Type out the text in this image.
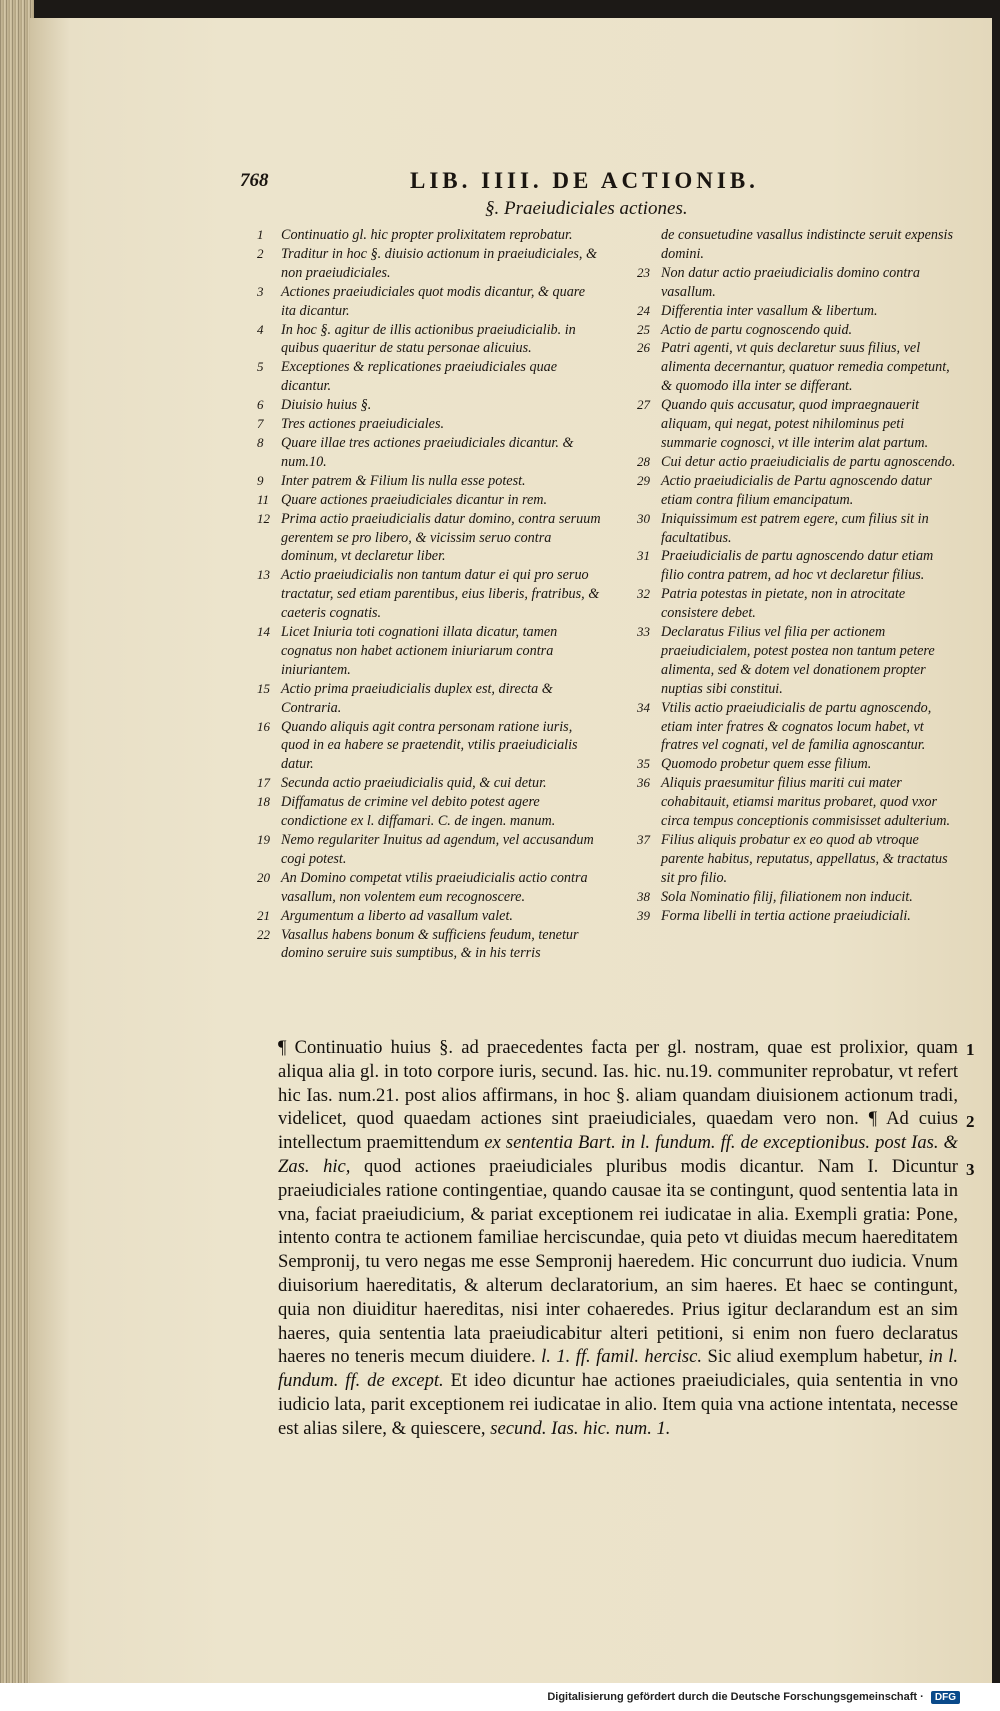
768	LIB. IIII. DE ACTIONIB.
§. Praeiudiciales actiones.
1	Continuatio gl. hic propter prolixitatem reprobatur.
2	Traditur in hoc §. diuisio actionum in praeiudiciales, & non praeiudiciales.
3	Actiones praeiudiciales quot modis dicantur, & quare ita dicantur.
4	In hoc §. agitur de illis actionibus praeiudicialib. in quibus quaeritur de statu personae alicuius.
5	Exceptiones & replicationes praeiudiciales quae dicantur.
6	Diuisio huius §.
7	Tres actiones praeiudiciales.
8	Quare illae tres actiones praeiudiciales dicantur. & num.10.
9	Inter patrem & Filium lis nulla esse potest.
11 Quare actiones praeiudiciales dicantur in rem.
12 Prima actio praeiudicialis datur domino, contra seruum gerentem se pro libero, & vicissim seruo contra dominum, vt declaretur liber.
13 Actio praeiudicialis non tantum datur ei qui pro seruo tractatur, sed etiam parentibus, eius liberis, fratribus, & caeteris cognatis.
14 Licet Iniuria toti cognationi illata dicatur, tamen cognatus non habet actionem iniuriarum contra iniuriantem.
15 Actio prima praeiudicialis duplex est, directa & Contraria.
16 Quando aliquis agit contra personam ratione iuris, quod in ea habere se praetendit, vtilis praeiudicialis datur.
17 Secunda actio praeiudicialis quid, & cui detur.
18 Diffamatus de crimine vel debito potest agere condictione ex l. diffamari. C. de ingen. manum.
19 Nemo regulariter Inuitus ad agendum, vel accusandum cogi potest.
20 An Domino competat vtilis praeiudicialis actio contra vasallum, non volentem eum recognoscere.
21 Argumentum a liberto ad vasallum valet.
22 Vasallus habens bonum & sufficiens feudum, tenetur domino seruire suis sumptibus, & in his terris
de consuetudine vasallus indistincte seruit expensis domini.
23 Non datur actio praeiudicialis domino contra vasallum.
24 Differentia inter vasallum & libertum.
25 Actio de partu cognoscendo quid.
26 Patri agenti, vt quis declaretur suus filius, vel alimenta decernantur, quatuor remedia competunt, & quomodo illa inter se differant.
27 Quando quis accusatur, quod impraegnauerit aliquam, qui negat, potest nihilominus peti summarie cognosci, vt ille interim alat partum.
28 Cui detur actio praeiudicialis de partu agnoscendo.
29 Actio praeiudicialis de Partu agnoscendo datur etiam contra filium emancipatum.
30 Iniquissimum est patrem egere, cum filius sit in facultatibus.
31 Praeiudicialis de partu agnoscendo datur etiam filio contra patrem, ad hoc vt declaretur filius.
32 Patria potestas in pietate, non in atrocitate consistere debet.
33 Declaratus Filius vel filia per actionem praeiudicialem, potest postea non tantum petere alimenta, sed & dotem vel donationem propter nuptias sibi constitui.
34 Vtilis actio praeiudicialis de partu agnoscendo, etiam inter fratres & cognatos locum habet, vt fratres vel cognati, vel de familia agnoscantur.
35 Quomodo probetur quem esse filium.
36 Aliquis praesumitur filius mariti cui mater cohabitauit, etiamsi maritus probaret, quod vxor circa tempus conceptionis commisisset adulterium.
37 Filius aliquis probatur ex eo quod ab vtroque parente habitus, reputatus, appellatus, & tractatus sit pro filio.
38 Sola Nominatio filij, filiationem non inducit.
39 Forma libelli in tertia actione praeiudiciali.
¶ Continuatio huius §. ad praecedentes facta per gl. nostram, quae est prolixior, quam aliqua alia gl. in toto corpore iuris, secund. Ias. hic. nu.19. communiter reprobatur, vt refert hic Ias. num.21. post alios affirmans, in hoc §. aliam quandam diuisionem actionum tradi, videlicet, quod quaedam actiones sint praeiudiciales, quaedam vero non. ¶ Ad cuius intellectum praemittendum ex sententia Bart. in l. fundum. ff. de exceptionibus. post Ias. & Zas. hic, quod actiones praeiudiciales pluribus modis dicantur. Nam I. Dicuntur praeiudiciales ratione contingentiae, quando causae ita se contingunt, quod sententia lata in vna, faciat praeiudicium, & pariat exceptionem rei iudicatae in alia. Exempli gratia: Pone, intento contra te actionem familiae herciscundae, quia peto vt diuidas mecum haereditatem Sempronij, tu vero negas me esse Sempronij haeredem. Hic concurrunt duo iudicia. Vnum diuisorium haereditatis, & alterum declaratorium, an sim haeres. Et haec se contingunt, quia non diuiditur haereditas, nisi inter cohaeredes. Prius igitur declarandum est an sim haeres, quia sententia lata praeiudicabitur alteri petitioni, si enim non fuero declaratus haeres no teneris mecum diuidere. l. 1. ff. famil. hercisc. Sic aliud exemplum habetur, in l. fundum. ff. de except. Et ideo dicuntur hae actiones praeiudiciales, quia sententia in vno iudicio lata, parit exceptionem rei iudicatae in alio. Item quia vna actione intentata, necesse est alias silere, & quiescere, secund. Ias. hic. num. 1.
1
2
3
Digitalisierung gefördert durch die Deutsche Forschungsgemeinschaft · DFG
